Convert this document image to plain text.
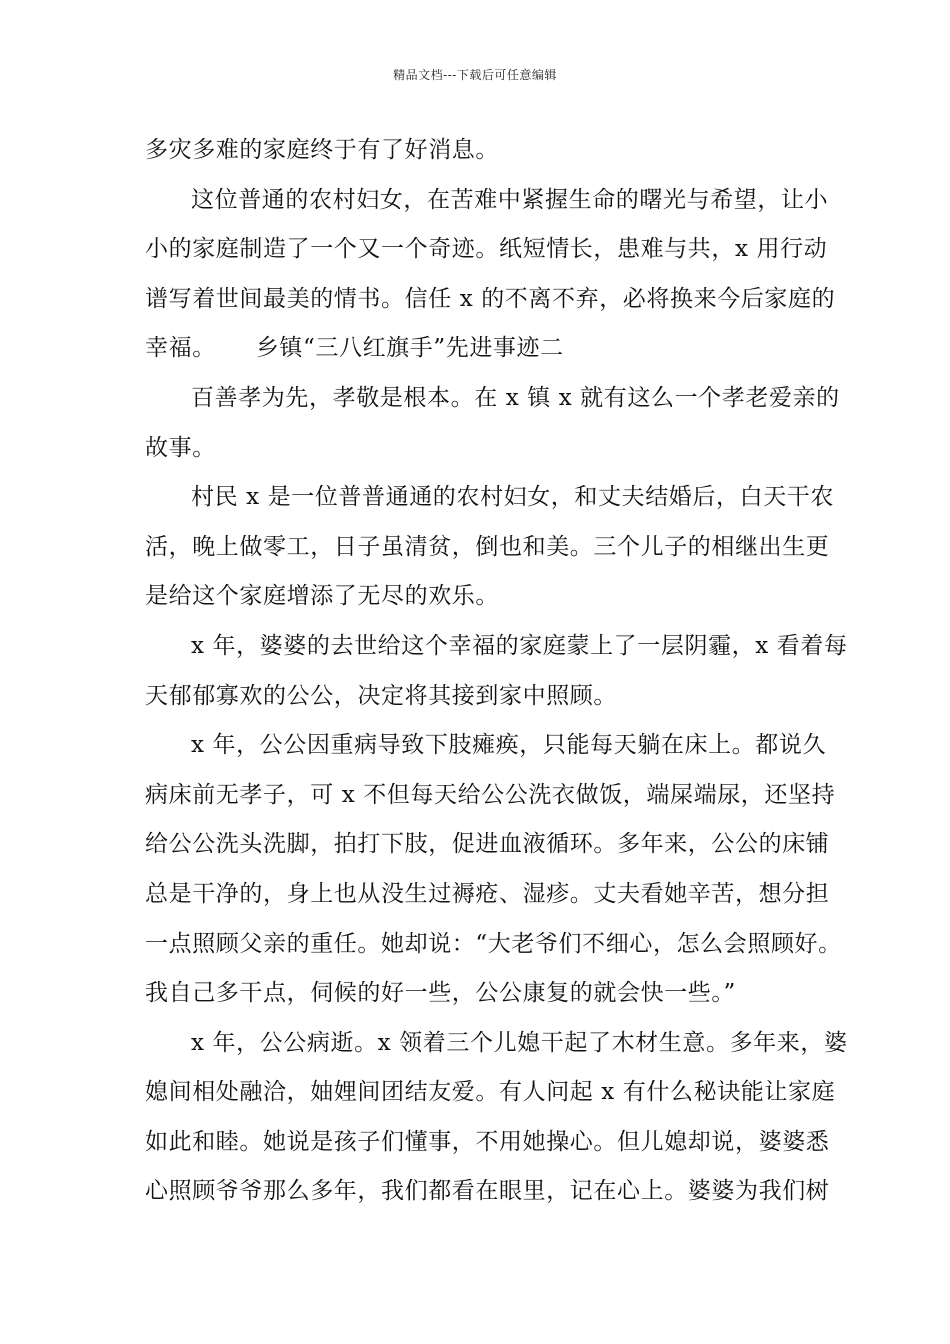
精品文档---下载后可任意编辑
多灾多难的家庭终于有了好消息。
这位普通的农村妇女，在苦难中紧握生命的曙光与希望，让小
小的家庭制造了一个又一个奇迹。纸短情长，患难与共，x 用行动
谱写着世间最美的情书。信任 x 的不离不弃，必将换来今后家庭的
幸福。 乡镇“三八红旗手”先进事迹二
百善孝为先，孝敬是根本。在 x 镇 x 就有这么一个孝老爱亲的
故事。
村民 x 是一位普普通通的农村妇女，和丈夫结婚后，白天干农
活，晚上做零工，日子虽清贫，倒也和美。三个儿子的相继出生更
是给这个家庭增添了无尽的欢乐。
x 年，婆婆的去世给这个幸福的家庭蒙上了一层阴霾，x 看着每
天郁郁寡欢的公公，决定将其接到家中照顾。
x 年，公公因重病导致下肢瘫痪，只能每天躺在床上。都说久
病床前无孝子，可 x 不但每天给公公洗衣做饭，端屎端尿，还坚持
给公公洗头洗脚，拍打下肢，促进血液循环。多年来，公公的床铺
总是干净的，身上也从没生过褥疮、湿疹。丈夫看她辛苦，想分担
一点照顾父亲的重任。她却说：“大老爷们不细心，怎么会照顾好。
我自己多干点，伺候的好一些，公公康复的就会快一些。”
x 年，公公病逝。x 领着三个儿媳干起了木材生意。多年来，婆
媳间相处融洽，妯娌间团结友爱。有人问起 x 有什么秘诀能让家庭
如此和睦。她说是孩子们懂事，不用她操心。但儿媳却说，婆婆悉
心照顾爷爷那么多年，我们都看在眼里，记在心上。婆婆为我们树
